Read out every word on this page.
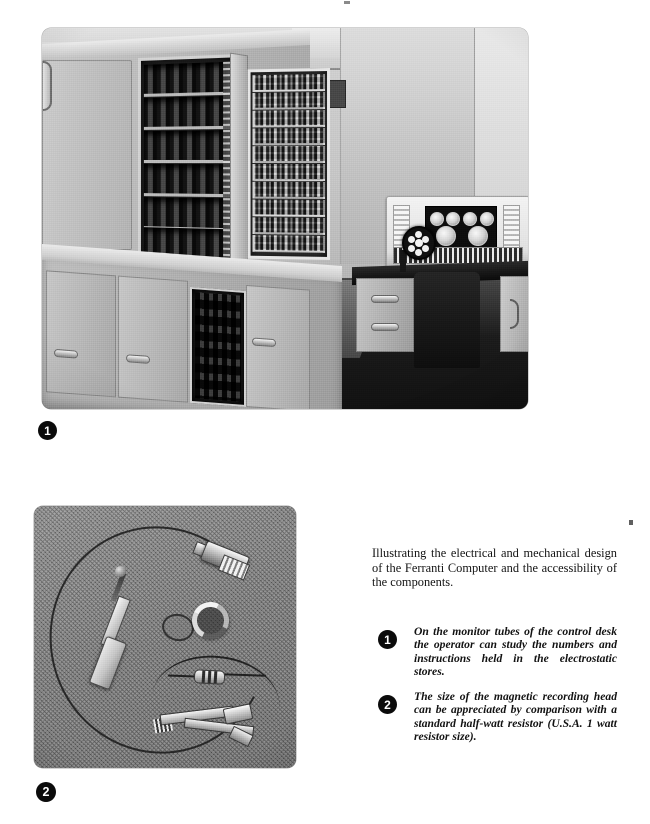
1
2

Illustrating the electrical and mechanical design of the Ferranti Computer and the accessibility of the components.

1

On the monitor tubes of the control desk the operator can study the numbers and instructions held in the electrostatic stores.

2

The size of the magnetic recording head can be appreciated by comparison with a standard half-watt resistor (U.S.A. 1 watt resistor size).
